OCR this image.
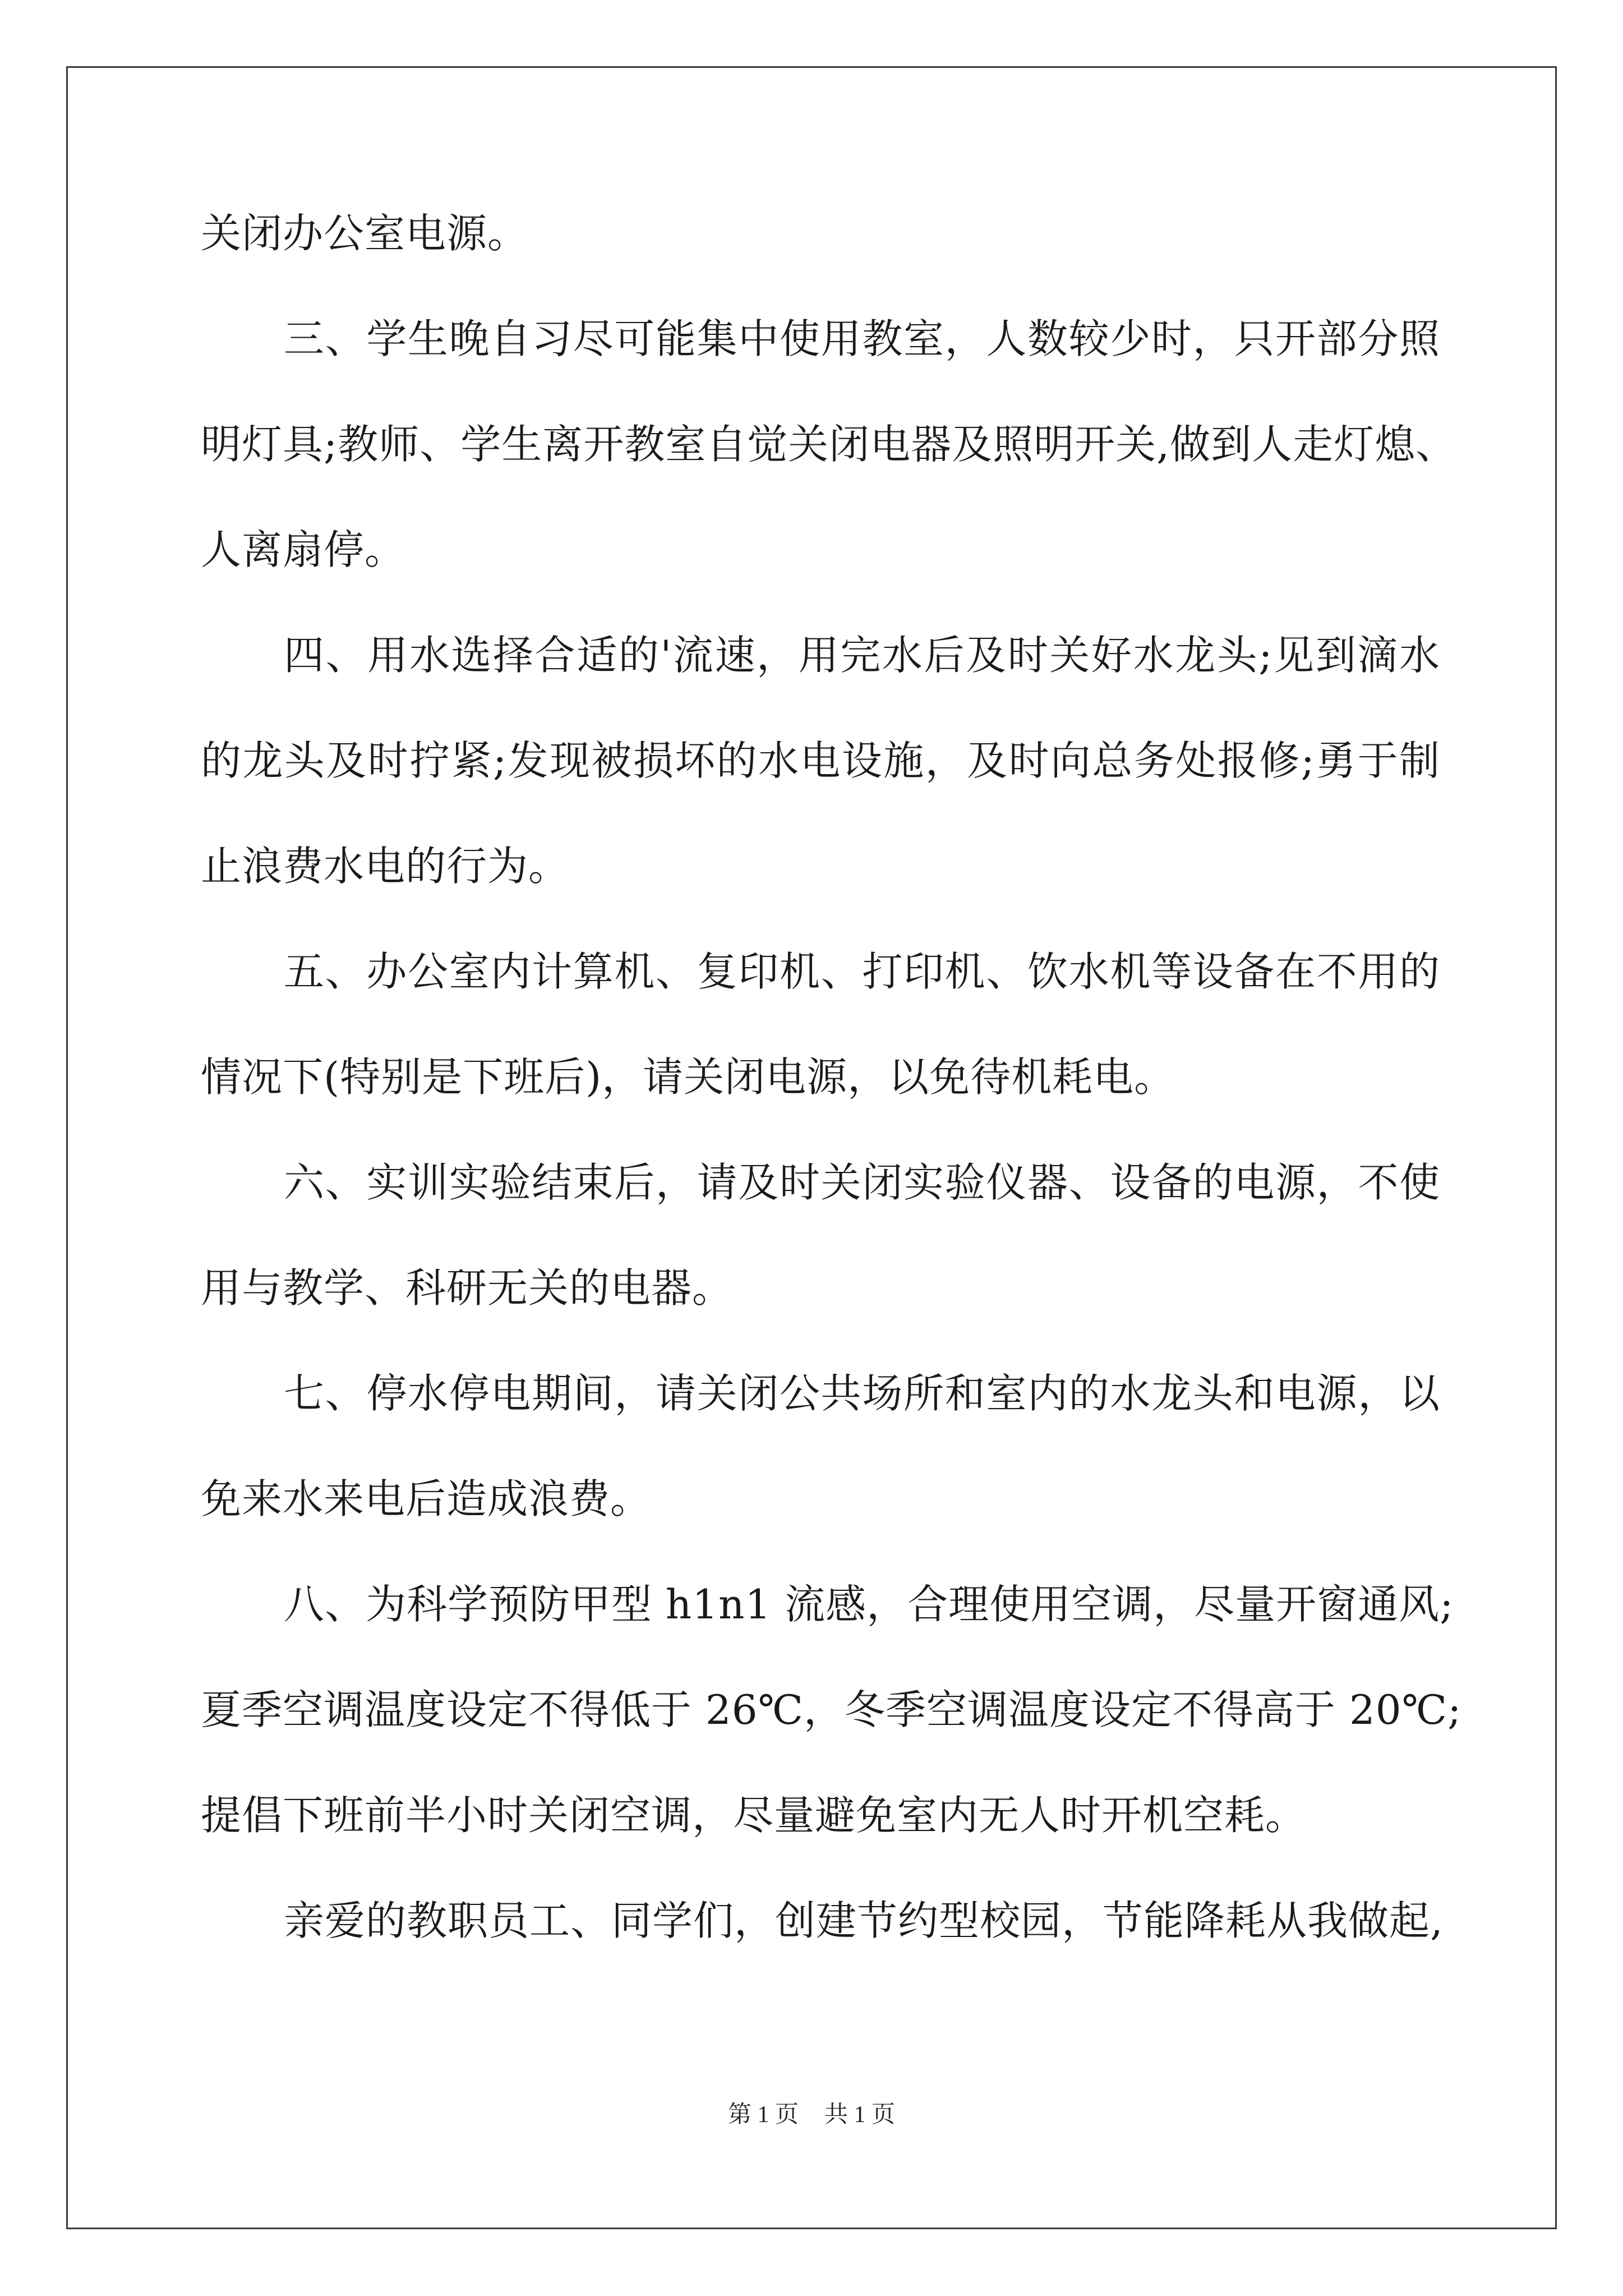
关闭办公室电源。
三、学生晚自习尽可能集中使用教室，人数较少时，只开部分照
明灯具;教师、学生离开教室自觉关闭电器及照明开关,做到人走灯熄、
人离扇停。
四、用水选择合适的'流速，用完水后及时关好水龙头;见到滴水
的龙头及时拧紧;发现被损坏的水电设施，及时向总务处报修;勇于制
止浪费水电的行为。
五、办公室内计算机、复印机、打印机、饮水机等设备在不用的
情况下(特别是下班后)，请关闭电源，以免待机耗电。
六、实训实验结束后，请及时关闭实验仪器、设备的电源，不使
用与教学、科研无关的电器。
七、停水停电期间，请关闭公共场所和室内的水龙头和电源，以
免来水来电后造成浪费。
八、为科学预防甲型 h1n1 流感，合理使用空调，尽量开窗通风;
夏季空调温度设定不得低于 26℃，冬季空调温度设定不得高于 20℃;
提倡下班前半小时关闭空调，尽量避免室内无人时开机空耗。
亲爱的教职员工、同学们，创建节约型校园，节能降耗从我做起,
第 1 页 共 1 页
